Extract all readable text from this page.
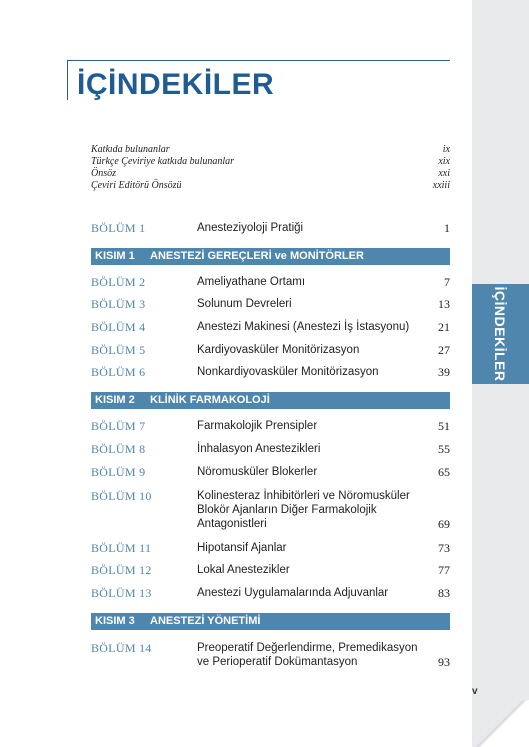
İÇİNDEKİLER
Katkıda bulunanlar	ix
Türkçe Çeviriye katkıda bulunanlar	xix
Önsöz	xxi
Çeviri Editörü Önsözü	xxiii
BÖLÜM 1	Anesteziyoloji Pratiği	1
KISIM 1 ANESTEZİ GEREÇLERİ ve MONİTÖRLER
BÖLÜM 2	Ameliyathane Ortamı	7
BÖLÜM 3	Solunum Devreleri	13
BÖLÜM 4	Anestezi Makinesi (Anestezi İş İstasyonu)	21
BÖLÜM 5	Kardiyovasküler Monitörizasyon	27
BÖLÜM 6	Nonkardiyovasküler Monitörizasyon	39
KISIM 2 KLİNİK FARMAKOLOJİ
BÖLÜM 7	Farmakolojik Prensipler	51
BÖLÜM 8	İnhalasyon Anestezikleri	55
BÖLÜM 9	Nöromusküler Blokerler	65
BÖLÜM 10	Kolinesteraz İnhibitörleri ve Nöromusküler Blokör Ajanların Diğer Farmakolojik Antagonistleri	69
BÖLÜM 11	Hipotansif Ajanlar	73
BÖLÜM 12	Lokal Anestezikler	77
BÖLÜM 13	Anestezi Uygulamalarında Adjuvanlar	83
KISIM 3 ANESTEZİ YÖNETİMİ
BÖLÜM 14	Preoperatif Değerlendirme, Premedikasyon ve Perioperatif Dokümantasyon	93
İÇİNDEKİLER
v
